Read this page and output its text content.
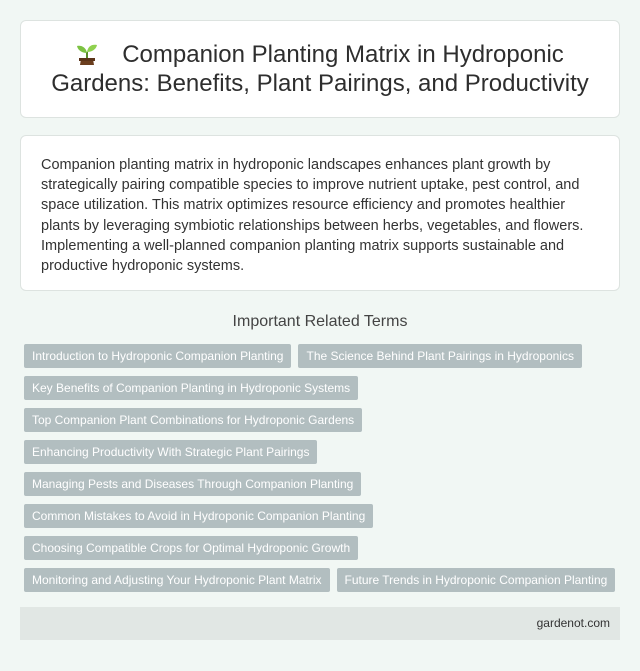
Companion Planting Matrix in Hydroponic Gardens: Benefits, Plant Pairings, and Productivity

Companion planting matrix in hydroponic landscapes enhances plant growth by strategically pairing compatible species to improve nutrient uptake, pest control, and space utilization. This matrix optimizes resource efficiency and promotes healthier plants by leveraging symbiotic relationships between herbs, vegetables, and flowers. Implementing a well-planned companion planting matrix supports sustainable and productive hydroponic systems.

Important Related Terms
Introduction to Hydroponic Companion Planting	The Science Behind Plant Pairings in Hydroponics
Key Benefits of Companion Planting in Hydroponic Systems
Top Companion Plant Combinations for Hydroponic Gardens
Enhancing Productivity With Strategic Plant Pairings
Managing Pests and Diseases Through Companion Planting
Common Mistakes to Avoid in Hydroponic Companion Planting
Choosing Compatible Crops for Optimal Hydroponic Growth
Monitoring and Adjusting Your Hydroponic Plant Matrix	Future Trends in Hydroponic Companion Planting
gardenot.com
